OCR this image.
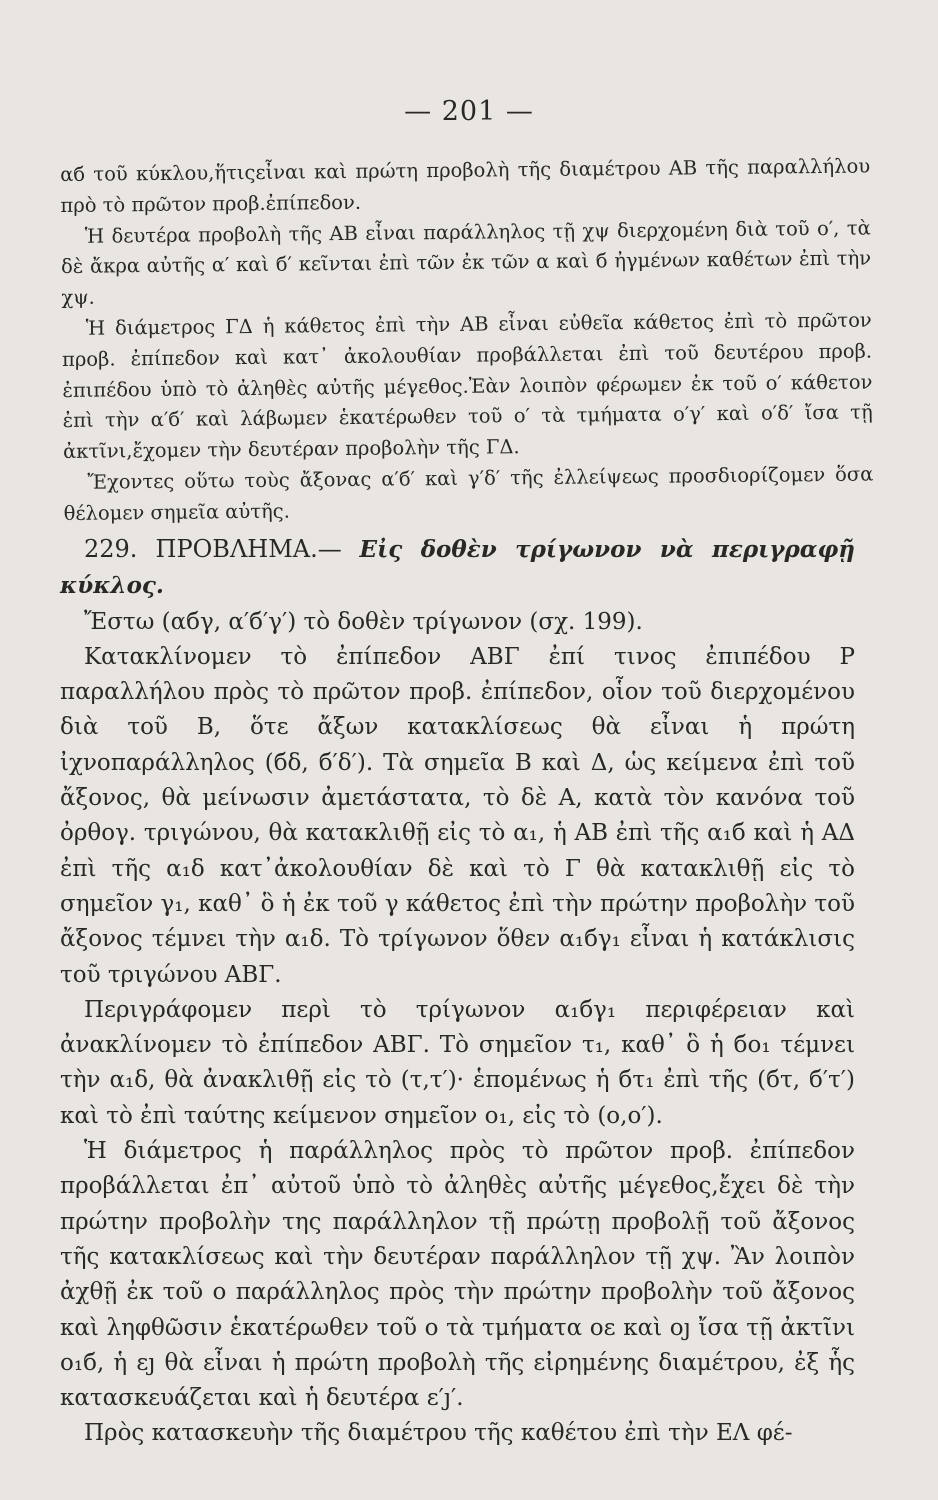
— 201 —

αб τοῦ κύκλου,ἥτιςεἶναι καὶ πρώτη προβολὴ τῆς διαμέτρου AB τῆς παραλλήλου πρὸ τὸ πρῶτον προβ.ἐπίπεδον.

Ἡ δευτέρα προβολὴ τῆς AB εἶναι παράλληλος τῇ χψ διερχομένη διὰ τοῦ ο′, τὰ δὲ ἄκρα αὐτῆς α′ καὶ б′ κεῖνται ἐπὶ τῶν ἐκ τῶν α καὶ б ἠγμένων καθέτων ἐπὶ τὴν χψ.

Ἡ διάμετρος ΓΔ ἡ κάθετος ἐπὶ τὴν AB εἶναι εὐθεῖα κάθετος ἐπὶ τὸ πρῶτον προβ. ἐπίπεδον καὶ κατ᾽ ἀκολουθίαν προβάλλεται ἐπὶ τοῦ δευτέρου προβ. ἐπιπέδου ὑπὸ τὸ ἀληθὲς αὐτῆς μέγεθος.Ἐὰν λοιπὸν φέρωμεν ἐκ τοῦ ο′ κάθετον ἐπὶ τὴν α′б′ καὶ λάβωμεν ἑκατέρωθεν τοῦ ο′ τὰ τμήματα ο′γ′ καὶ ο′δ′ ἴσα τῇ ἀκτῖνι,ἔχομεν τὴν δευτέραν προβολὴν τῆς ΓΔ.

Ἔχοντες οὕτω τοὺς ἄξονας α′б′ καὶ γ′δ′ τῆς ἐλλείψεως προσδιορίζομεν ὅσα θέλομεν σημεῖα αὐτῆς.

229. ΠΡΟΒΛΗΜΑ.— Εἰς δοθὲν τρίγωνον νὰ περιγραφῇ κύκλος.

Ἔστω (αбγ, α′б′γ′) τὸ δοθὲν τρίγωνον (σχ. 199).

Κατακλίνομεν τὸ ἐπίπεδον ΑΒΓ ἐπί τινος ἐπιπέδου Ρ παραλλήλου πρὸς τὸ πρῶτον προβ. ἐπίπεδον, οἷον τοῦ διερχομένου διὰ τοῦ Β, ὅτε ἄξων κατακλίσεως θὰ εἶναι ἡ πρώτη ἰχνοπαράλληλος (бδ, б′δ′). Τὰ σημεῖα Β καὶ Δ, ὡς κείμενα ἐπὶ τοῦ ἄξονος, θὰ μείνωσιν ἀμετάστατα, τὸ δὲ Α, κατὰ τὸν κανόνα τοῦ ὀρθογ. τριγώνου, θὰ κατακλιθῇ εἰς τὸ α₁, ἡ ΑΒ ἐπὶ τῆς α₁б καὶ ἡ ΑΔ ἐπὶ τῆς α₁δ κατ᾽ἀκολουθίαν δὲ καὶ τὸ Γ θὰ κατακλιθῇ εἰς τὸ σημεῖον γ₁, καθ᾽ ὃ ἡ ἐκ τοῦ γ κάθετος ἐπὶ τὴν πρώτην προβολὴν τοῦ ἄξονος τέμνει τὴν α₁δ. Τὸ τρίγωνον ὅθεν α₁бγ₁ εἶναι ἡ κατάκλισις τοῦ τριγώνου ΑΒΓ.

Περιγράφομεν περὶ τὸ τρίγωνον α₁бγ₁ περιφέρειαν καὶ ἀνακλίνομεν τὸ ἐπίπεδον ΑΒΓ. Τὸ σημεῖον τ₁, καθ᾽ ὃ ἡ бο₁ τέμνει τὴν α₁δ, θὰ ἀνακλιθῇ εἰς τὸ (τ,τ′)· ἑπομένως ἡ бτ₁ ἐπὶ τῆς (бτ, б′τ′) καὶ τὸ ἐπὶ ταύτης κείμενον σημεῖον ο₁, εἰς τὸ (ο,ο′).

Ἡ διάμετρος ἡ παράλληλος πρὸς τὸ πρῶτον προβ. ἐπίπεδον προβάλλεται ἐπ᾽ αὐτοῦ ὑπὸ τὸ ἀληθὲς αὐτῆς μέγεθος,ἔχει δὲ τὴν πρώτην προβολὴν της παράλληλον τῇ πρώτῃ προβολῇ τοῦ ἄξονος τῆς κατακλίσεως καὶ τὴν δευτέραν παράλληλον τῇ χψ. Ἂν λοιπὸν ἀχθῇ ἐκ τοῦ ο παράλληλος πρὸς τὴν πρώτην προβολὴν τοῦ ἄξονος καὶ ληφθῶσιν ἑκατέρωθεν τοῦ ο τὰ τμήματα οε καὶ οȷ ἴσα τῇ ἀκτῖνι ο₁б, ἡ εȷ θὰ εἶναι ἡ πρώτη προβολὴ τῆς εἰρημένης διαμέτρου, ἐξ ἧς κατασκευάζεται καὶ ἡ δευτέρα ε′ȷ′.

Πρὸς κατασκευὴν τῆς διαμέτρου τῆς καθέτου ἐπὶ τὴν ΕΛ φέ-
